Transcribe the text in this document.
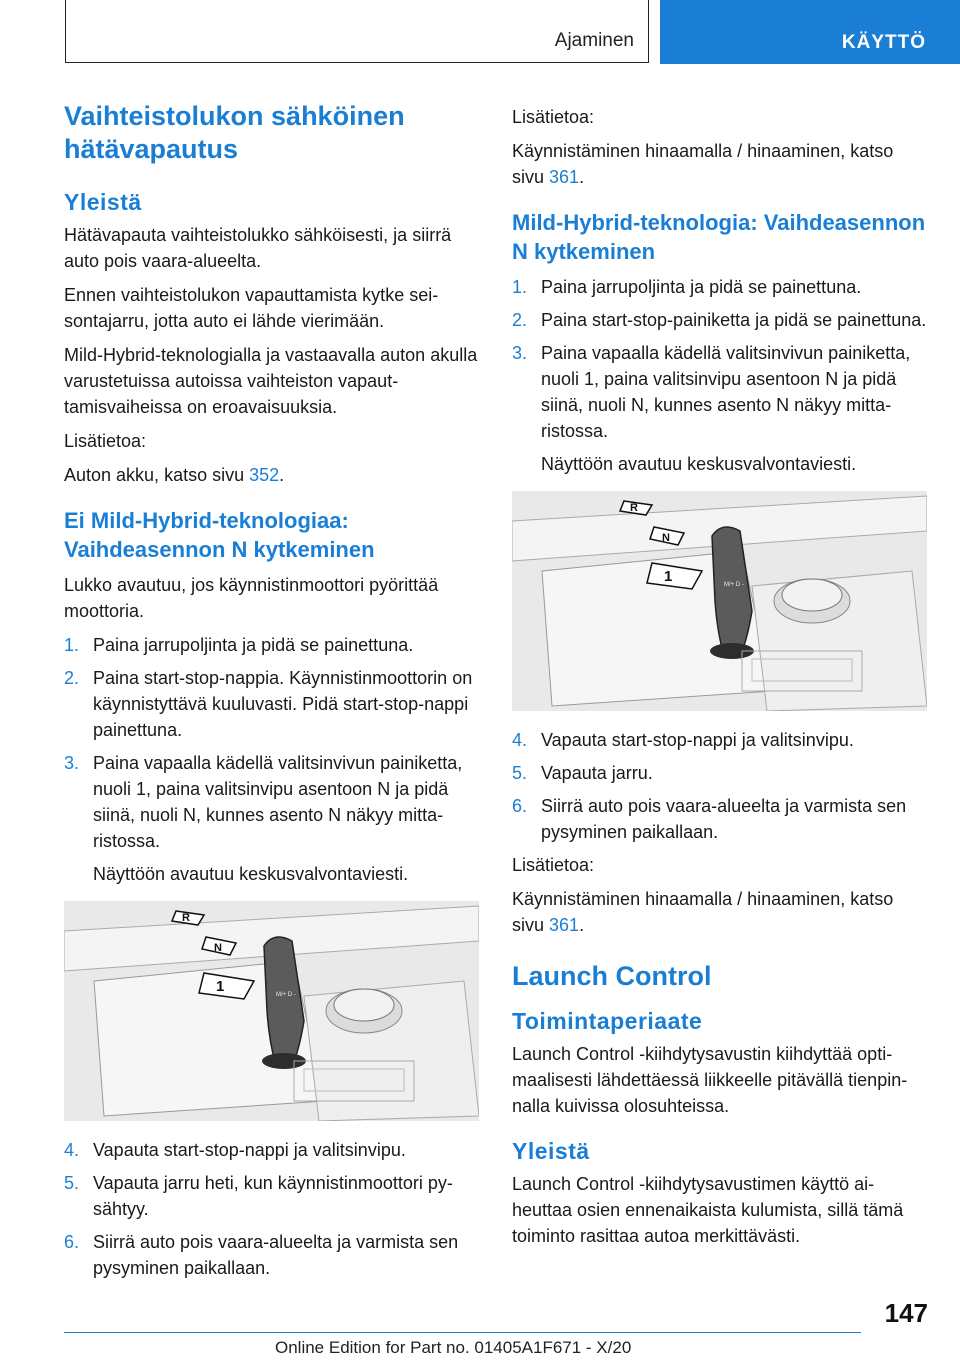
Ajaminen	KÄYTTÖ
Vaihteistolukon sähköinen hätävapautus
Yleistä

Hätävapauta vaihteistolukko sähköisesti, ja siirrä auto pois vaara-alueelta.

Ennen vaihteistolukon vapauttamista kytke seisontajarru, jotta auto ei lähde vierimään.

Mild-Hybrid-teknologialla ja vastaavalla auton akulla varustetuissa autoissa vaihteiston vapauttamisvaiheissa on eroavaisuuksia.

Lisätietoa:

Auton akku, katso sivu 352.

Ei Mild-Hybrid-teknologiaa: Vaihdeasennon N kytkeminen

Lukko avautuu, jos käynnistinmoottori pyörittää moottoria.

1. Paina jarrupoljinta ja pidä se painettuna.
2. Paina start-stop-nappia. Käynnistinmoottorin on käynnistyttävä kuuluvasti. Pidä start-stop-nappi painettuna.
3. Paina vapaalla kädellä valitsinvivun painiketta, nuoli 1, paina valitsinvipu asentoon N ja pidä siinä, nuoli N, kunnes asento N näkyy mittaristossa.

Näyttöön avautuu keskusvalvontaviesti.

M/+ D -
R
N
1
4. Vapauta start-stop-nappi ja valitsinvipu.
5. Vapauta jarru heti, kun käynnistinmoottori pysähtyy.
6. Siirrä auto pois vaara-alueelta ja varmista sen pysyminen paikallaan.

Lisätietoa:

Käynnistäminen hinaamalla / hinaaminen, katso sivu 361.

Mild-Hybrid-teknologia: Vaihdeasennon N kytkeminen
1. Paina jarrupoljinta ja pidä se painettuna.
2. Paina start-stop-painiketta ja pidä se painettuna.
3. Paina vapaalla kädellä valitsinvivun painiketta, nuoli 1, paina valitsinvipu asentoon N ja pidä siinä, nuoli N, kunnes asento N näkyy mittaristossa.

Näyttöön avautuu keskusvalvontaviesti.

M/+ D -
R
N
1
4. Vapauta start-stop-nappi ja valitsinvipu.
5. Vapauta jarru.
6. Siirrä auto pois vaara-alueelta ja varmista sen pysyminen paikallaan.

Lisätietoa:

Käynnistäminen hinaamalla / hinaaminen, katso sivu 361.

Launch Control
Toimintaperiaate

Launch Control -kiihdytysavustin kiihdyttää optimaalisesti lähdettäessä liikkeelle pitävällä tienpinnalla kuivissa olosuhteissa.

Yleistä

Launch Control -kiihdytysavustimen käyttö aiheuttaa osien ennenaikaista kulumista, sillä tämä toiminto rasittaa autoa merkittävästi.

147
Online Edition for Part no. 01405A1F671 - X/20
